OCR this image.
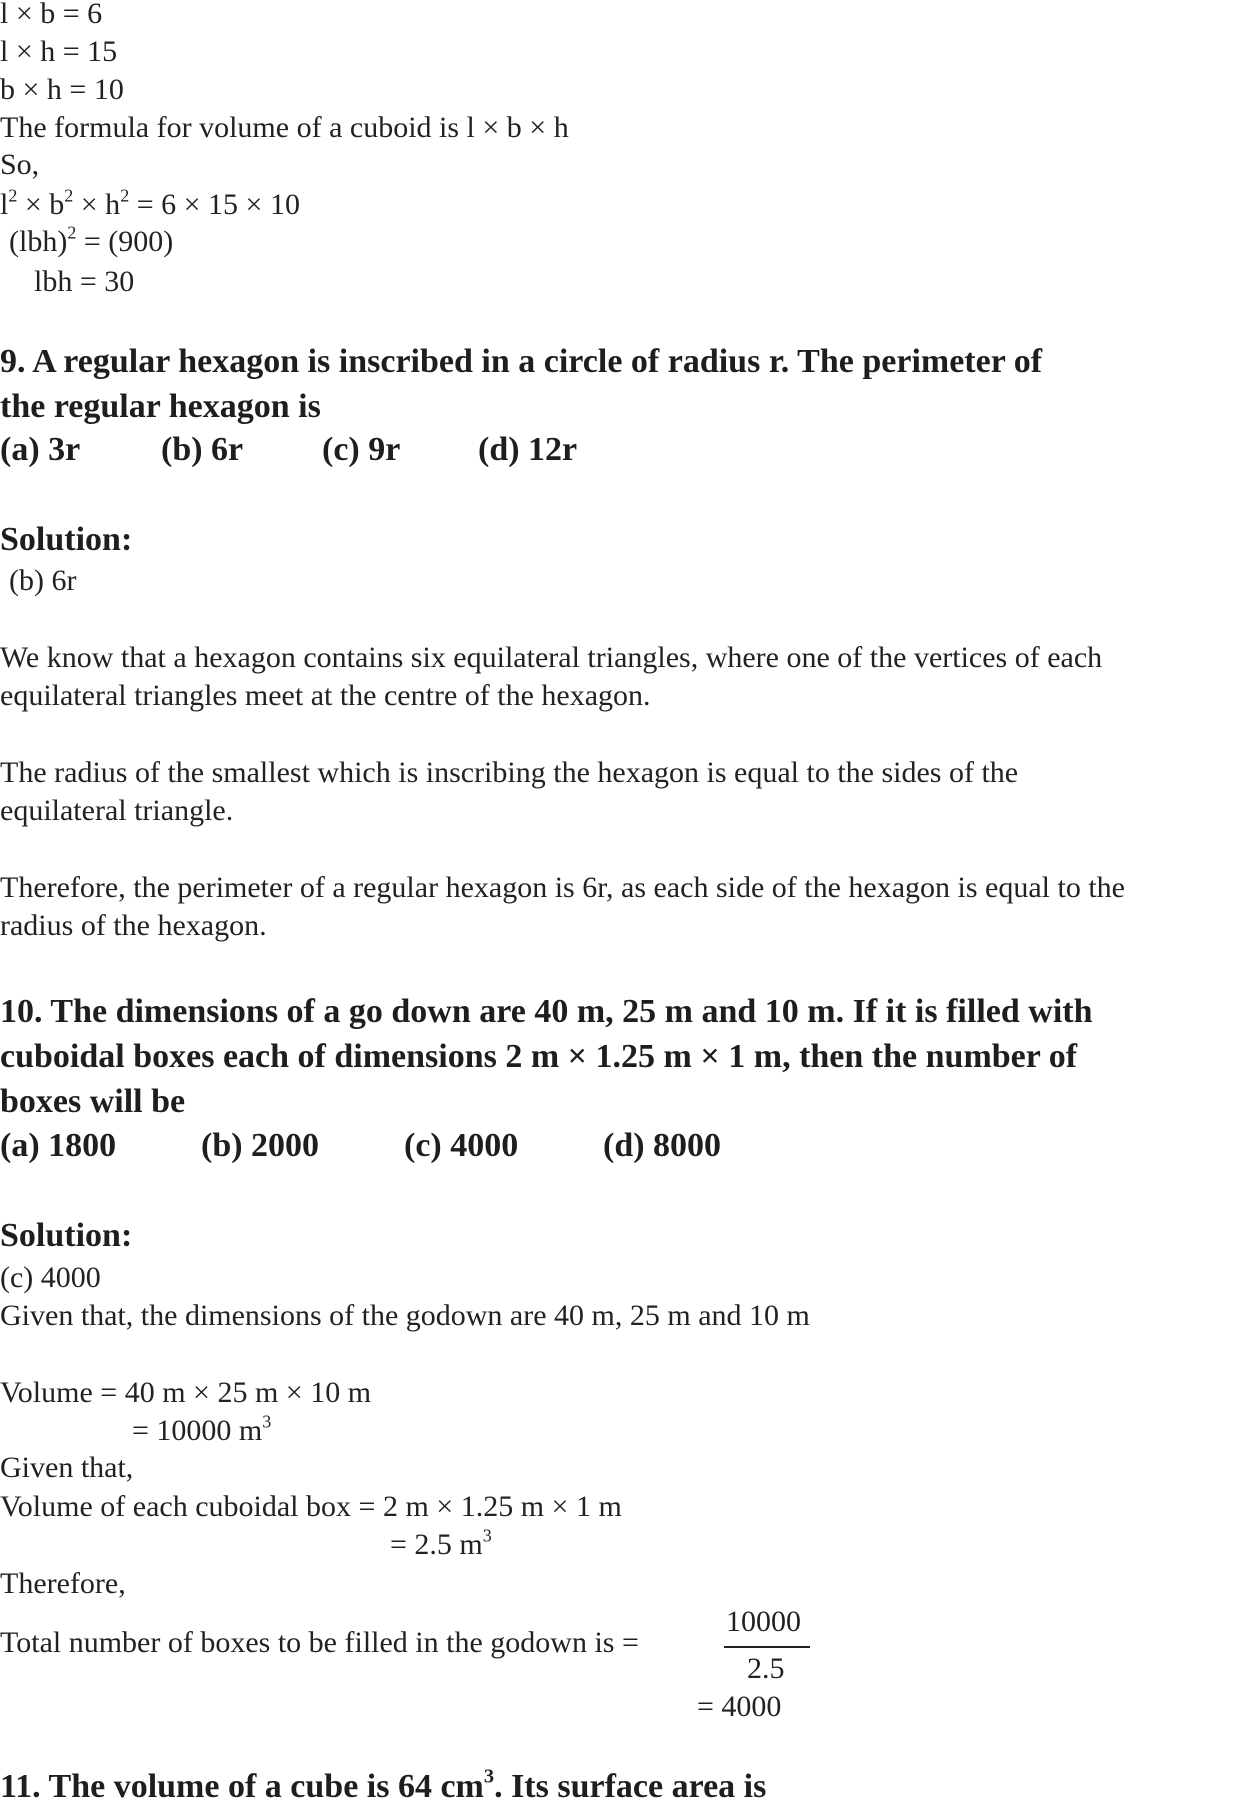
l × b = 6
l × h = 15
b × h = 10
The formula for volume of a cuboid is l × b × h
So,
$l^2 \times b^2 \times h^2 = 6 \times 15 \times 10$
(lbh)$^2$ = (900)
lbh = 30
9. A regular hexagon is inscribed in a circle of radius r. The perimeter of
the regular hexagon is
(a) 3r (b) 6r (c) 9r (d) 12r
Solution:
(b) 6r
We know that a hexagon contains six equilateral triangles, where one of the vertices of each
equilateral triangles meet at the centre of the hexagon.
The radius of the smallest which is inscribing the hexagon is equal to the sides of the
equilateral triangle.
Therefore, the perimeter of a regular hexagon is 6r, as each side of the hexagon is equal to the
radius of the hexagon.
10. The dimensions of a go down are 40 m, 25 m and 10 m. If it is filled with
cuboidal boxes each of dimensions 2 m × 1.25 m × 1 m, then the number of
boxes will be
(a) 1800 (b) 2000 (c) 4000 (d) 8000
Solution:
(c) 4000
Given that, the dimensions of the godown are 40 m, 25 m and 10 m
Volume = 40 m × 25 m × 10 m
= 10000 $m^3$
Given that,
Volume of each cuboidal box = 2 m × 1.25 m × 1 m
= 2.5 $m^3$
Therefore,
10000
Total number of boxes to be filled in the godown is =
2.5
= 4000
11. The volume of a cube is 64 $cm^3$. Its surface area is
